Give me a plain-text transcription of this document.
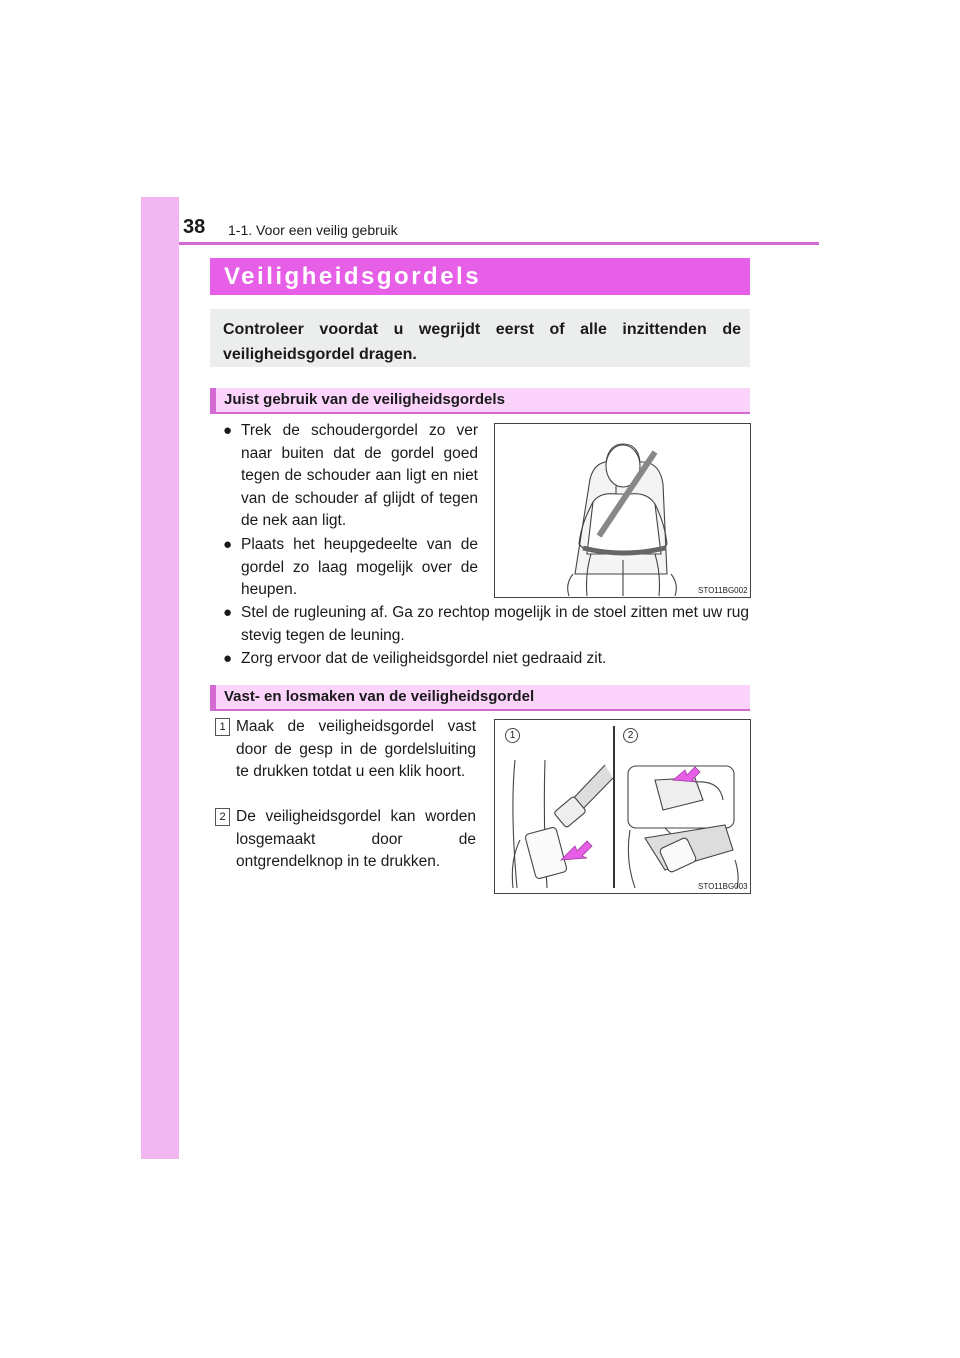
38 1-1. Voor een veilig gebruik
Veiligheidsgordels
Controleer voordat u wegrijdt eerst of alle inzittenden de veiligheidsgordel dragen.
Juist gebruik van de veiligheidsgordels
● Trek de schoudergordel zo ver naar buiten dat de gordel goed tegen de schouder aan ligt en niet van de schouder af glijdt of tegen de nek aan ligt.
● Plaats het heupgedeelte van de gordel zo laag mogelijk over de heupen.
● Stel de rugleuning af. Ga zo rechtop mogelijk in de stoel zitten met uw rug stevig tegen de leuning.
● Zorg ervoor dat de veiligheidsgordel niet gedraaid zit.
STO11BG002
Vast- en losmaken van de veiligheidsgordel
1 Maak de veiligheidsgordel vast door de gesp in de gordelsluiting te drukken totdat u een klik hoort.
2 De veiligheidsgordel kan worden losgemaakt door de ontgrendelknop in te drukken.
1	2
STO11BG003
